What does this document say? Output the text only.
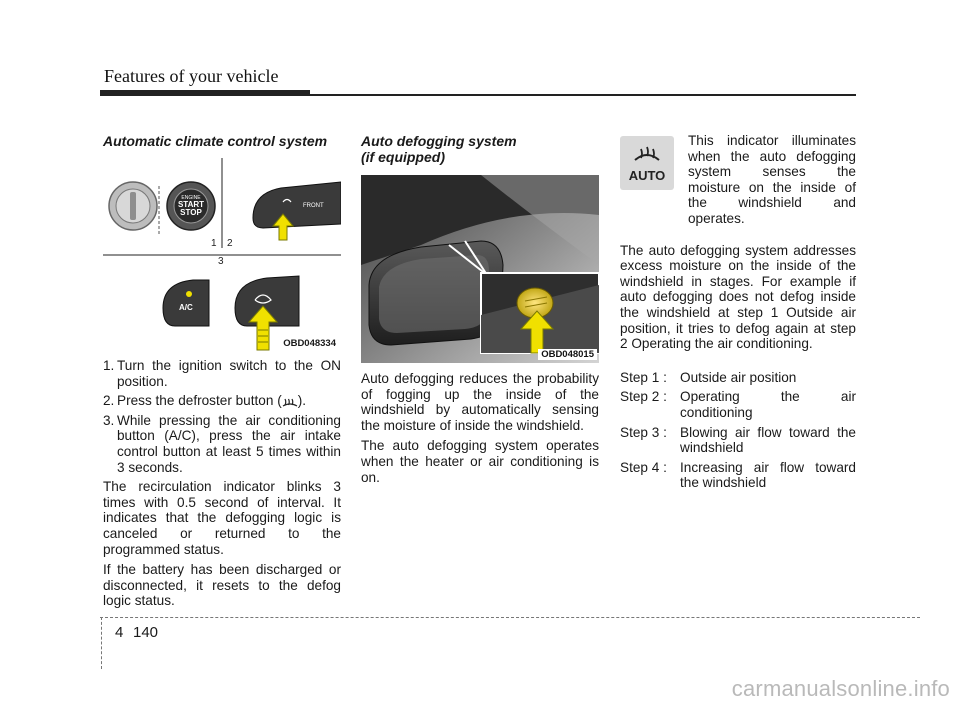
Features of your vehicle
Automatic climate control system
ENGINE
START
STOP
FRONT
1 2
3
A/C
OBD048334
1. Turn the ignition switch to the ON position.
2. Press the defroster button ( ).
3. While pressing the air conditioning button (A/C), press the air intake control button at least 5 times within 3 seconds.

The recirculation indicator blinks 3 times with 0.5 second of interval. It indicates that the defogging logic is canceled or returned to the programmed status.

If the battery has been discharged or disconnected, it resets to the defog logic status.

Auto defogging system
(if equipped)
OBD048015

Auto defogging reduces the probability of fogging up the inside of the windshield by automatically sensing the moisture of inside the windshield.

The auto defogging system operates when the heater or air conditioning is on.

AUTO
This indicator illuminates when the auto defogging system senses the moisture on the inside of the windshield and operates.

The auto defogging system addresses excess moisture on the inside of the windshield in stages. For example if auto defogging does not defog inside the windshield at step 1 Outside air position, it tries to defog again at step 2 Operating the air conditioning.

Step 1 : Outside air position
Step 2 : Operating the air conditioning
Step 3 : Blowing air flow toward the windshield
Step 4 : Increasing air flow toward the windshield
4 140
carmanualsonline.info
